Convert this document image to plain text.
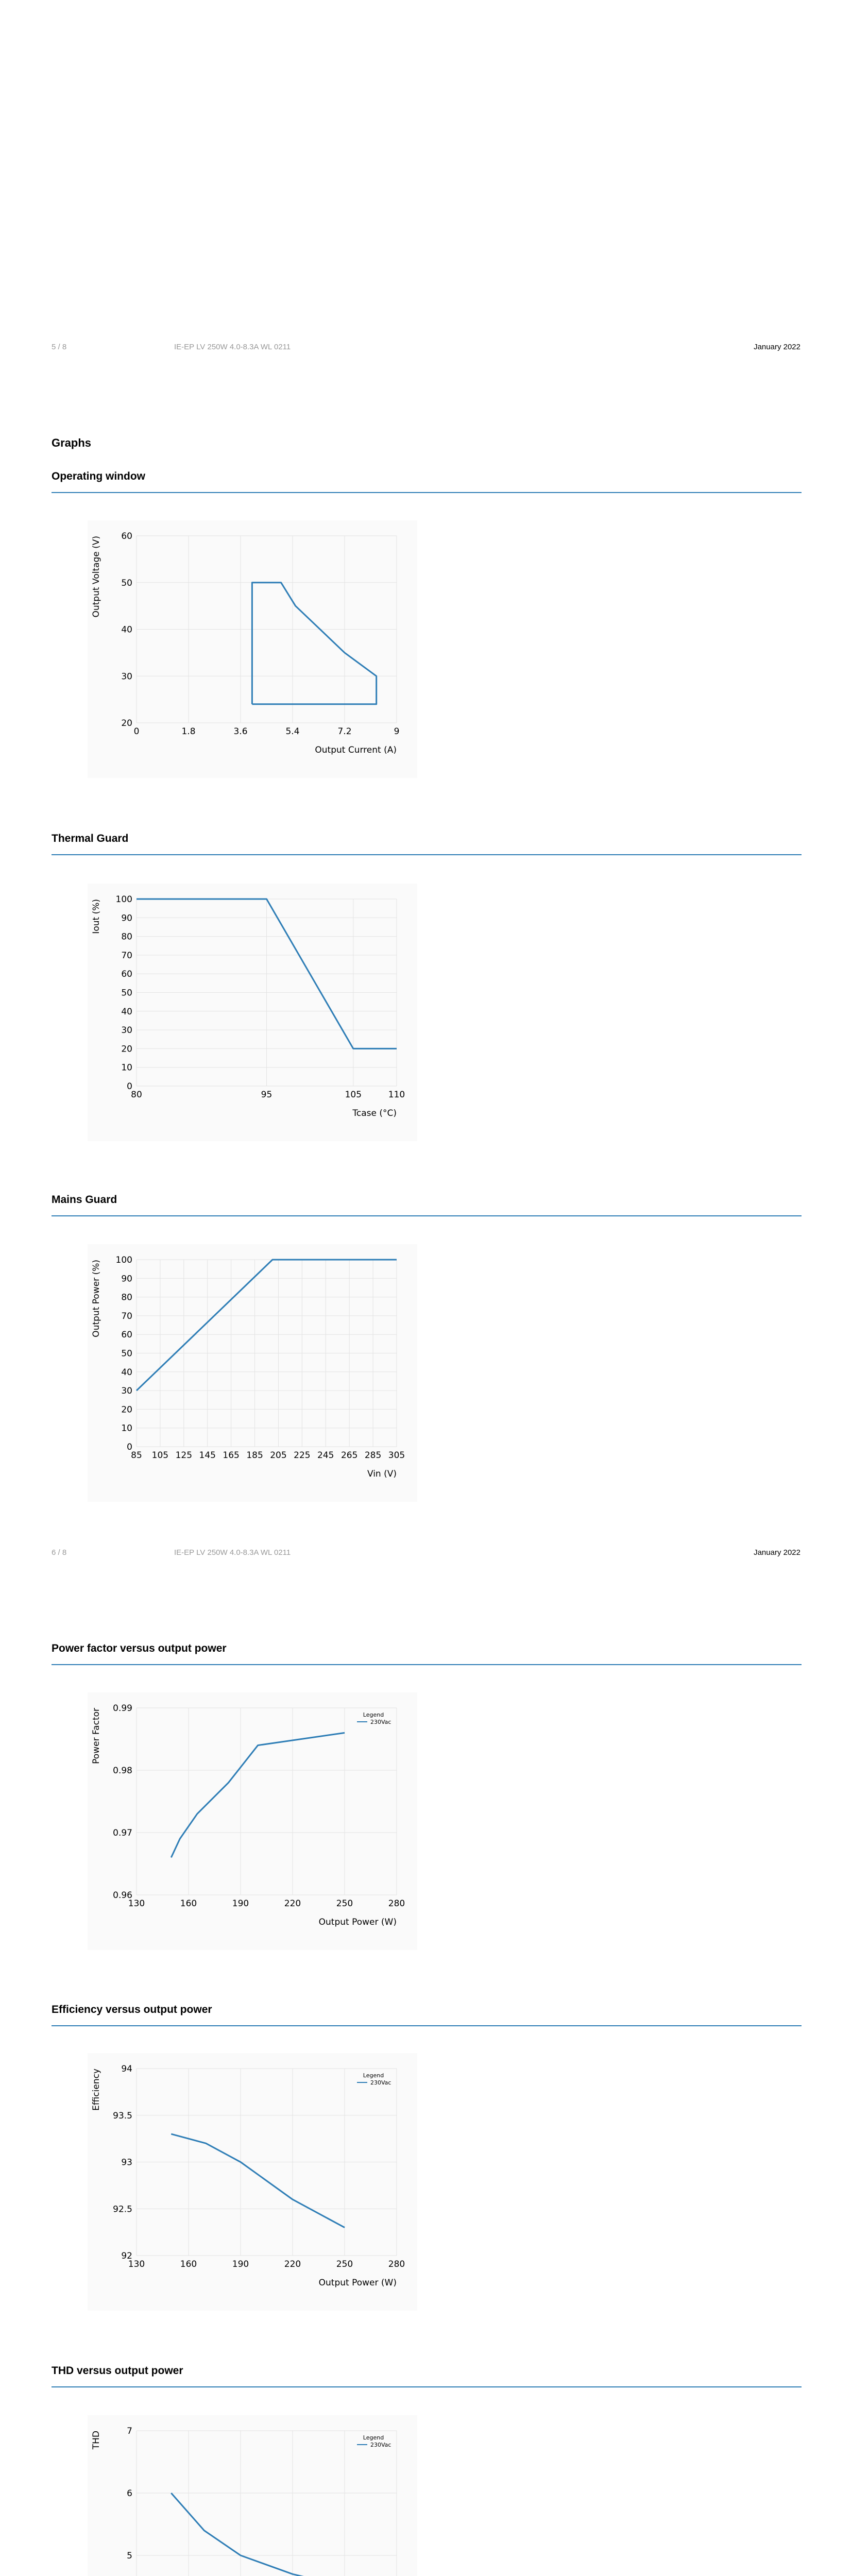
5 / 8	IE-EP LV 250W 4.0-8.3A WL 0211	January 2022
Graphs
Operating window
20
30
40
50
60
0	1.8	3.6	5.4	7.2	9
Output Current (A)
Output Voltage (V)
Thermal Guard
0
10
20
30
40
50
60
70
80
90
100
80	95	105	110
Tcase (°C)
Iout (%)
Mains Guard
0
10
20
30
40
50
60
70
80
90
100
85 105 125 145 165 185 205 225 245 265 285 305
Vin (V)
Output Power (%)
6 / 8	IE-EP LV 250W 4.0-8.3A WL 0211	January 2022
Power factor versus output power
0.96
0.97
0.98
0.99
130	160	190	220	250	280
Output Power (W)
Power Factor	Legend
230Vac
Efficiency versus output power
92
92.5
93
93.5
94
130	160	190	220	250	280
Output Power (W)
Efficiency	Legend
230Vac
THD versus output power
5
6
7
THD	Legend
230Vac
